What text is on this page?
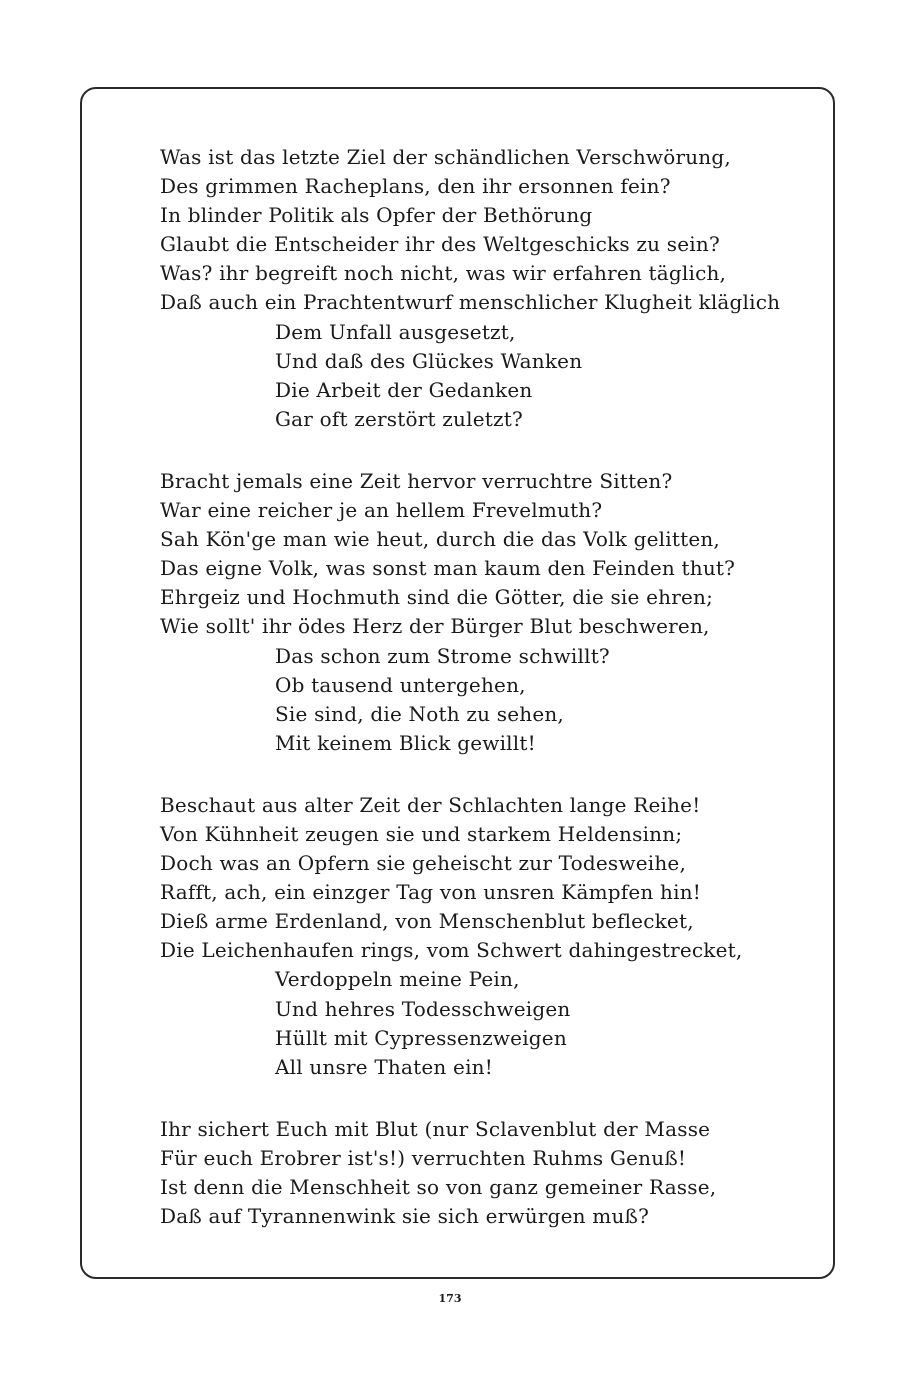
Was ist das letzte Ziel der schändlichen Verschwörung,
Des grimmen Racheplans, den ihr ersonnen fein?
In blinder Politik als Opfer der Bethörung
Glaubt die Entscheider ihr des Weltgeschicks zu sein?
Was? ihr begreift noch nicht, was wir erfahren täglich,
Daß auch ein Prachtentwurf menschlicher Klugheit kläglich
Dem Unfall ausgesetzt,
Und daß des Glückes Wanken
Die Arbeit der Gedanken
Gar oft zerstört zuletzt?
Bracht jemals eine Zeit hervor verruchtre Sitten?
War eine reicher je an hellem Frevelmuth?
Sah Kön'ge man wie heut, durch die das Volk gelitten,
Das eigne Volk, was sonst man kaum den Feinden thut?
Ehrgeiz und Hochmuth sind die Götter, die sie ehren;
Wie sollt' ihr ödes Herz der Bürger Blut beschweren,
Das schon zum Strome schwillt?
Ob tausend untergehen,
Sie sind, die Noth zu sehen,
Mit keinem Blick gewillt!
Beschaut aus alter Zeit der Schlachten lange Reihe!
Von Kühnheit zeugen sie und starkem Heldensinn;
Doch was an Opfern sie geheischt zur Todesweihe,
Rafft, ach, ein einzger Tag von unsren Kämpfen hin!
Dieß arme Erdenland, von Menschenblut beflecket,
Die Leichenhaufen rings, vom Schwert dahingestrecket,
Verdoppeln meine Pein,
Und hehres Todesschweigen
Hüllt mit Cypressenzweigen
All unsre Thaten ein!
Ihr sichert Euch mit Blut (nur Sclavenblut der Masse
Für euch Erobrer ist's!) verruchten Ruhms Genuß!
Ist denn die Menschheit so von ganz gemeiner Rasse,
Daß auf Tyrannenwink sie sich erwürgen muß?
173
